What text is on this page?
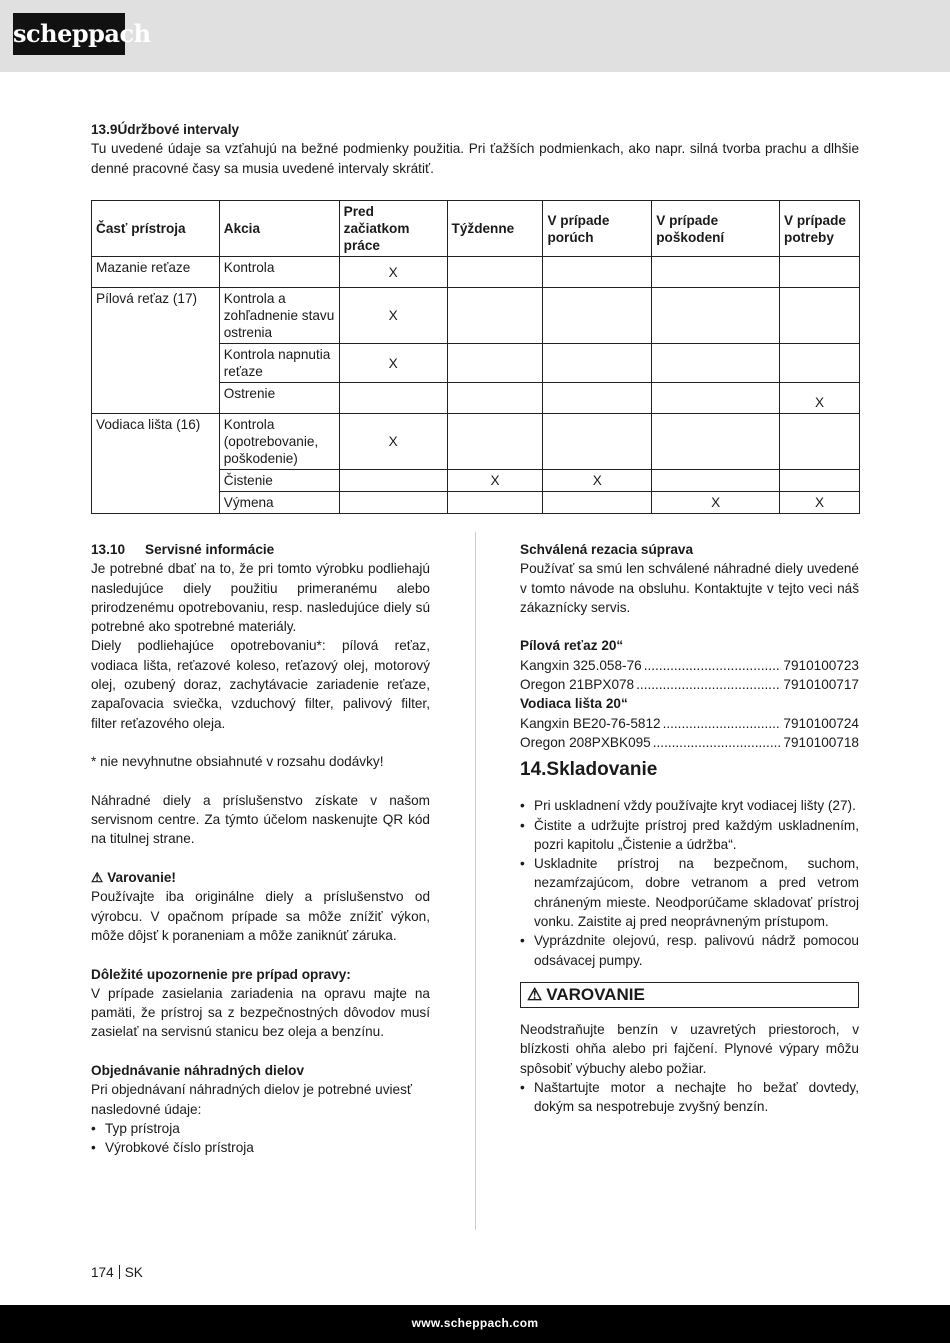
scheppach

13.9Údržbové intervaly

Tu uvedené údaje sa vzťahujú na bežné podmienky použitia. Pri ťažších podmienkach, ako napr. silná tvorba prachu a dlhšie denné pracovné časy sa musia uvedené intervaly skrátiť.

Časť prístroja	Akcia	Pred začiatkom práce	Týždenne	V prípade porúch	V prípade poškodení	V prípade potreby
Mazanie reťaze	Kontrola	X				
Pílová reťaz (17)	Kontrola a zohľadnenie stavu ostrenia	X				
	Kontrola napnutia reťaze	X				
	Ostrenie					X
Vodiaca lišta (16)	Kontrola (opotrebovanie, poškodenie)	X				
	Čistenie		X	X		
	Výmena				X	X

13.10 Servisné informácie

Je potrebné dbať na to, že pri tomto výrobku podliehajú nasledujúce diely použitiu primeranému alebo prirodzenému opotrebovaniu, resp. nasledujúce diely sú potrebné ako spotrebné materiály.

Diely podliehajúce opotrebovaniu*: pílová reťaz, vodiaca lišta, reťazové koleso, reťazový olej, motorový olej, ozubený doraz, zachytávacie zariadenie reťaze, zapaľovacia sviečka, vzduchový filter, palivový filter, filter reťazového oleja.

* nie nevyhnutne obsiahnuté v rozsahu dodávky!

Náhradné diely a príslušenstvo získate v našom servisnom centre. Za týmto účelom naskenujte QR kód na titulnej strane.

⚠ Varovanie!

Používajte iba originálne diely a príslušenstvo od výrobcu. V opačnom prípade sa môže znížiť výkon, môže dôjsť k poraneniam a môže zaniknúť záruka.

Dôležité upozornenie pre prípad opravy:

V prípade zasielania zariadenia na opravu majte na pamäti, že prístroj sa z bezpečnostných dôvodov musí zasielať na servisnú stanicu bez oleja a benzínu.

Objednávanie náhradných dielov

Pri objednávaní náhradných dielov je potrebné uviesť nasledovné údaje:

• Typ prístroja
• Výrobkové číslo prístroja

Schválená rezacia súprava

Používať sa smú len schválené náhradné diely uvedené v tomto návode na obsluhu. Kontaktujte v tejto veci náš zákaznícky servis.

Pílová reťaz 20“

Kangxin 325.058-76 .....	7910100723
Oregon 21BPX078 .....	7910100717

Vodiaca lišta 20“

Kangxin BE20-76-5812 .....	7910100724
Oregon 208PXBK095 .....	7910100718
14.Skladovanie
• Pri uskladnení vždy používajte kryt vodiacej lišty (27).
• Čistite a udržujte prístroj pred každým uskladnením, pozri kapitolu „Čistenie a údržba“.
• Uskladnite prístroj na bezpečnom, suchom, nezamŕzajúcom, dobre vetranom a pred vetrom chráneným mieste. Neodporúčame skladovať prístroj vonku. Zaistite aj pred neoprávneným prístupom.
• Vyprázdnite olejovú, resp. palivovú nádrž pomocou odsávacej pumpy.
⚠ VAROVANIE

Neodstraňujte benzín v uzavretých priestoroch, v blízkosti ohňa alebo pri fajčení. Plynové výpary môžu spôsobiť výbuchy alebo požiar.

• Naštartujte motor a nechajte ho bežať dovtedy, dokým sa nespotrebuje zvyšný benzín.
174 SK
www.scheppach.com
